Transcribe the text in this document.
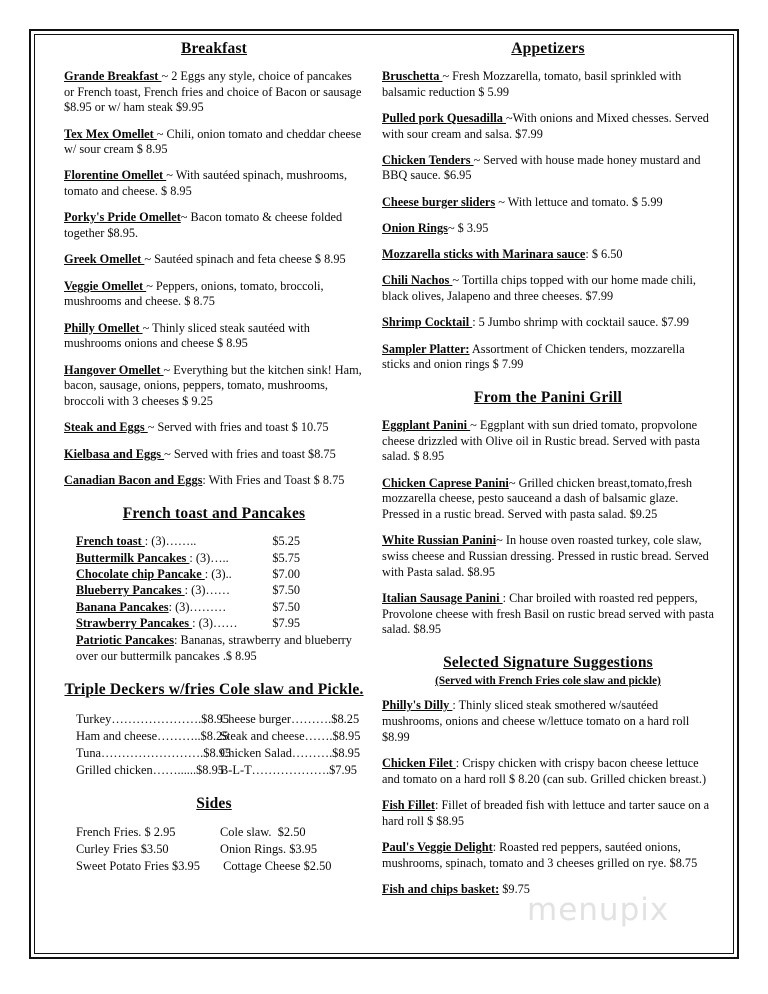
Breakfast

Grande Breakfast ~ 2 Eggs any style, choice of pancakes or French toast, French fries and choice of Bacon or sausage $8.95 or w/ ham steak $9.95

Tex Mex Omellet ~ Chili, onion tomato and cheddar cheese w/ sour cream $ 8.95

Florentine Omellet ~ With sautéed spinach, mushrooms, tomato and cheese. $ 8.95

Porky's Pride Omellet~ Bacon tomato & cheese folded together $8.95.

Greek Omellet ~ Sautéed spinach and feta cheese $ 8.95

Veggie Omellet ~ Peppers, onions, tomato, broccoli, mushrooms and cheese. $ 8.75

Philly Omellet ~ Thinly sliced steak sautéed with mushrooms onions and cheese $ 8.95

Hangover Omellet ~ Everything but the kitchen sink! Ham, bacon, sausage, onions, peppers, tomato, mushrooms, broccoli with 3 cheeses $ 9.25

Steak and Eggs ~ Served with fries and toast $ 10.75

Kielbasa and Eggs ~ Served with fries and toast $8.75

Canadian Bacon and Eggs: With Fries and Toast $ 8.75

French toast and Pancakes
French toast : (3)……..	$5.25
Buttermilk Pancakes : (3)…..	$5.75
Chocolate chip Pancake : (3)..	$7.00
Blueberry Pancakes : (3)……	$7.50
Banana Pancakes : (3)………	$7.50
Strawberry Pancakes : (3)……	$7.95

Patriotic Pancakes: Bananas, strawberry and blueberry over our buttermilk pancakes .$ 8.95

Triple Deckers w/fries Cole slaw and Pickle.
Turkey………………….$8.95
Ham and cheese………..$8.25
Tuna…………………….$8.95
Grilled chicken……......$8.95
Cheese burger……….$8.25
Steak and cheese…….$8.95
Chicken Salad……….$8.95
B-L-T……………….$7.95
Sides
French Fries. $ 2.95
Curley Fries $3.50
Sweet Potato Fries $3.95
Cole slaw.  $2.50
Onion Rings. $3.95
Cottage Cheese $2.50
Appetizers

Bruschetta ~ Fresh Mozzarella, tomato, basil sprinkled with balsamic reduction $ 5.99

Pulled pork Quesadilla ~With onions and Mixed chesses. Served with sour cream and salsa. $7.99

Chicken Tenders ~ Served with house made honey mustard and BBQ sauce. $6.95

Cheese burger sliders ~ With lettuce and tomato. $ 5.99

Onion Rings~ $ 3.95

Mozzarella sticks with Marinara sauce: $ 6.50

Chili Nachos ~ Tortilla chips topped with our home made chili, black olives, Jalapeno and three cheeses. $7.99

Shrimp Cocktail : 5 Jumbo shrimp with cocktail sauce. $7.99

Sampler Platter: Assortment of Chicken tenders, mozzarella sticks and onion rings $ 7.99

From the Panini Grill

Eggplant Panini ~ Eggplant with sun dried tomato, propvolone cheese drizzled with Olive oil in Rustic bread. Served with pasta salad. $ 8.95

Chicken Caprese Panini~ Grilled chicken breast,tomato,fresh mozzarella cheese, pesto sauceand a dash of balsamic glaze. Pressed in a rustic bread. Served with pasta salad. $9.25

White Russian Panini~ In house oven roasted turkey, cole slaw, swiss cheese and Russian dressing. Pressed in rustic bread. Served with Pasta salad. $8.95

Italian Sausage Panini : Char broiled with roasted red peppers, Provolone cheese with fresh Basil on rustic bread served with pasta salad. $8.95

Selected Signature Suggestions
(Served with French Fries cole slaw and pickle)

Philly's Dilly : Thinly sliced steak smothered w/sautéed mushrooms, onions and cheese w/lettuce tomato on a hard roll $8.99

Chicken Filet : Crispy chicken with crispy bacon cheese lettuce and tomato on a hard roll $ 8.20 (can sub. Grilled chicken breast.)

Fish Fillet: Fillet of breaded fish with lettuce and tarter sauce on a hard roll $ $8.95

Paul's Veggie Delight: Roasted red peppers, sautéed onions, mushrooms, spinach, tomato and 3 cheeses grilled on rye. $8.75

Fish and chips basket: $9.75

menupix
